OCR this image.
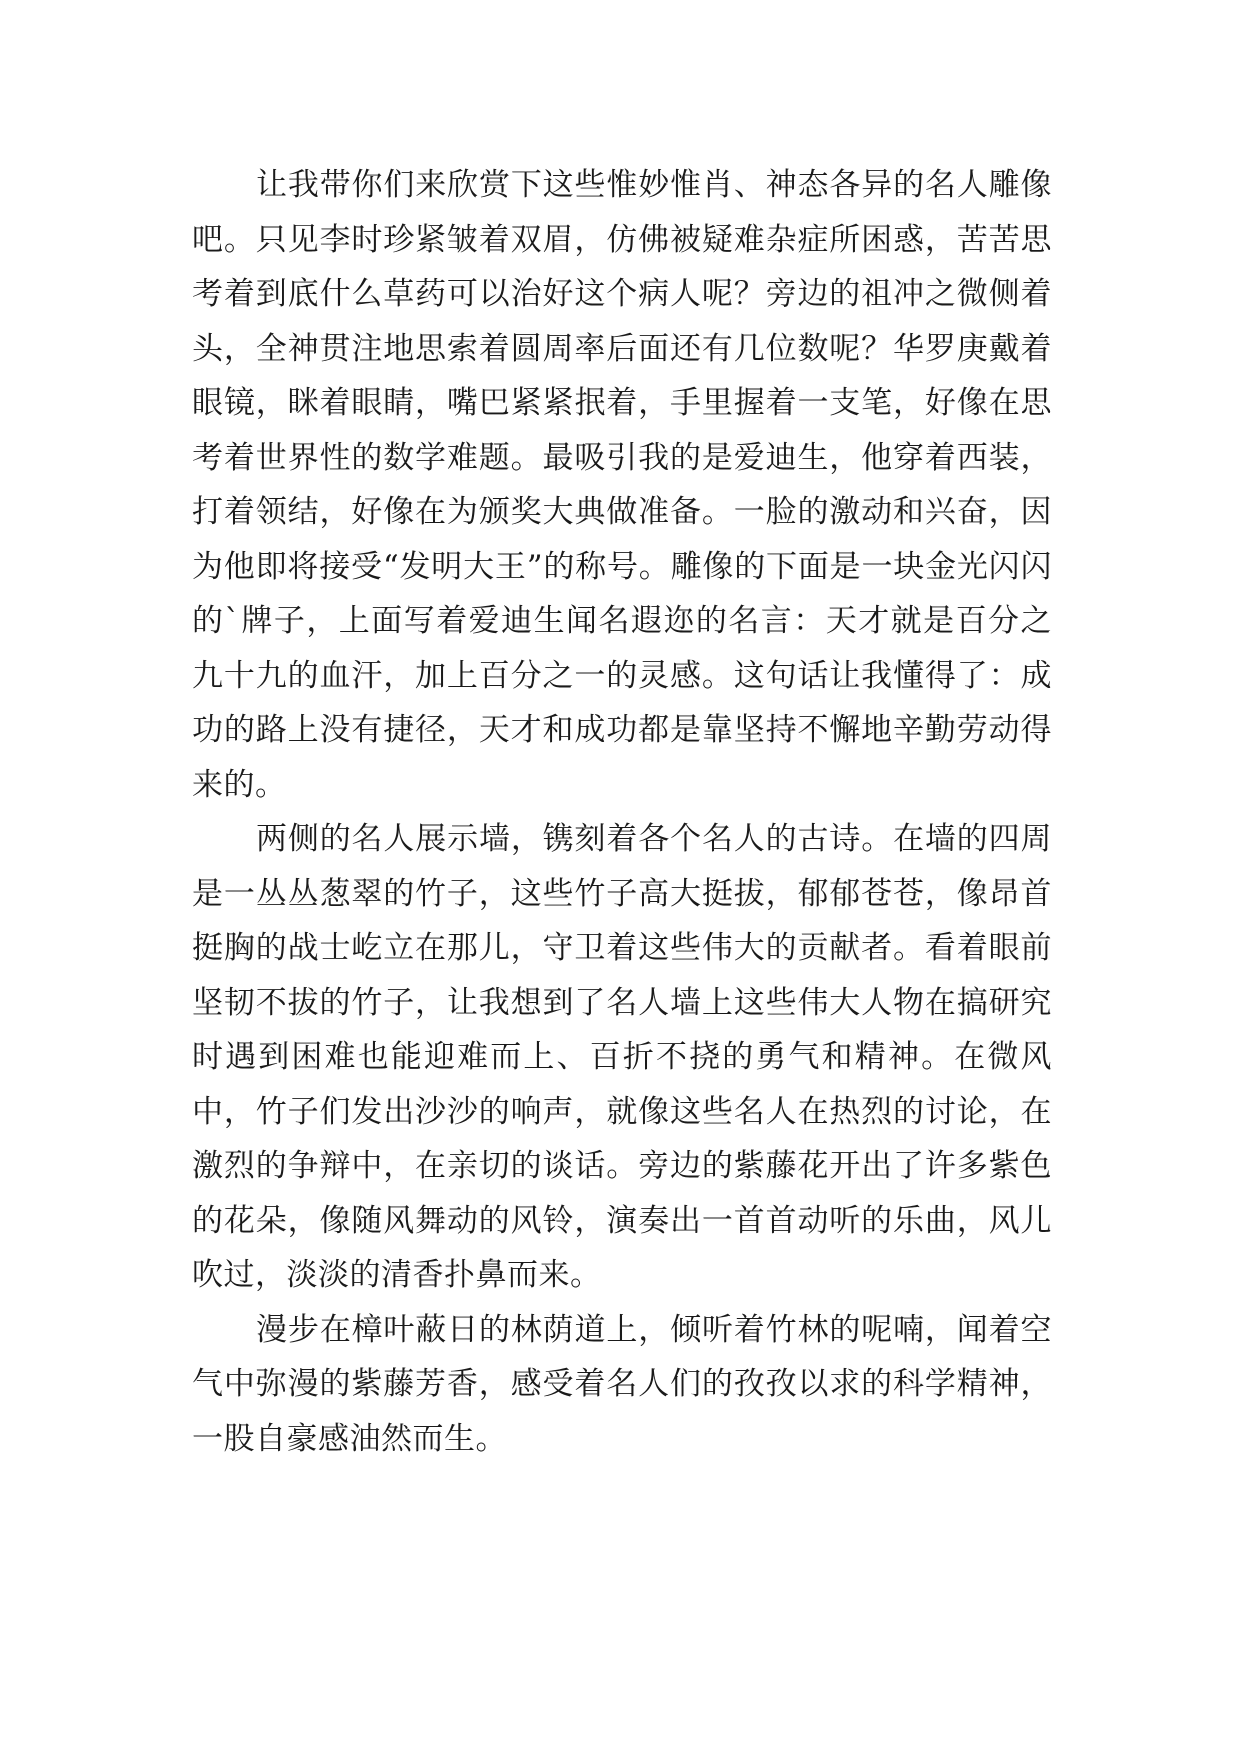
让我带你们来欣赏下这些惟妙惟肖、神态各异的名人雕像吧。只见李时珍紧皱着双眉，仿佛被疑难杂症所困惑，苦苦思考着到底什么草药可以治好这个病人呢？旁边的祖冲之微侧着头，全神贯注地思索着圆周率后面还有几位数呢？华罗庚戴着眼镜，眯着眼睛，嘴巴紧紧抿着，手里握着一支笔，好像在思考着世界性的数学难题。最吸引我的是爱迪生，他穿着西装，打着领结，好像在为颁奖大典做准备。一脸的激动和兴奋，因为他即将接受“发明大王”的称号。雕像的下面是一块金光闪闪的`牌子，上面写着爱迪生闻名遐迩的名言：天才就是百分之九十九的血汗，加上百分之一的灵感。这句话让我懂得了：成功的路上没有捷径，天才和成功都是靠坚持不懈地辛勤劳动得来的。

两侧的名人展示墙，镌刻着各个名人的古诗。在墙的四周是一丛丛葱翠的竹子，这些竹子高大挺拔，郁郁苍苍，像昂首挺胸的战士屹立在那儿，守卫着这些伟大的贡献者。看着眼前坚韧不拔的竹子，让我想到了名人墙上这些伟大人物在搞研究时遇到困难也能迎难而上、百折不挠的勇气和精神。在微风中，竹子们发出沙沙的响声，就像这些名人在热烈的讨论，在激烈的争辩中，在亲切的谈话。旁边的紫藤花开出了许多紫色的花朵，像随风舞动的风铃，演奏出一首首动听的乐曲，风儿吹过，淡淡的清香扑鼻而来。

漫步在樟叶蔽日的林荫道上，倾听着竹林的呢喃，闻着空气中弥漫的紫藤芳香，感受着名人们的孜孜以求的科学精神，一股自豪感油然而生。
